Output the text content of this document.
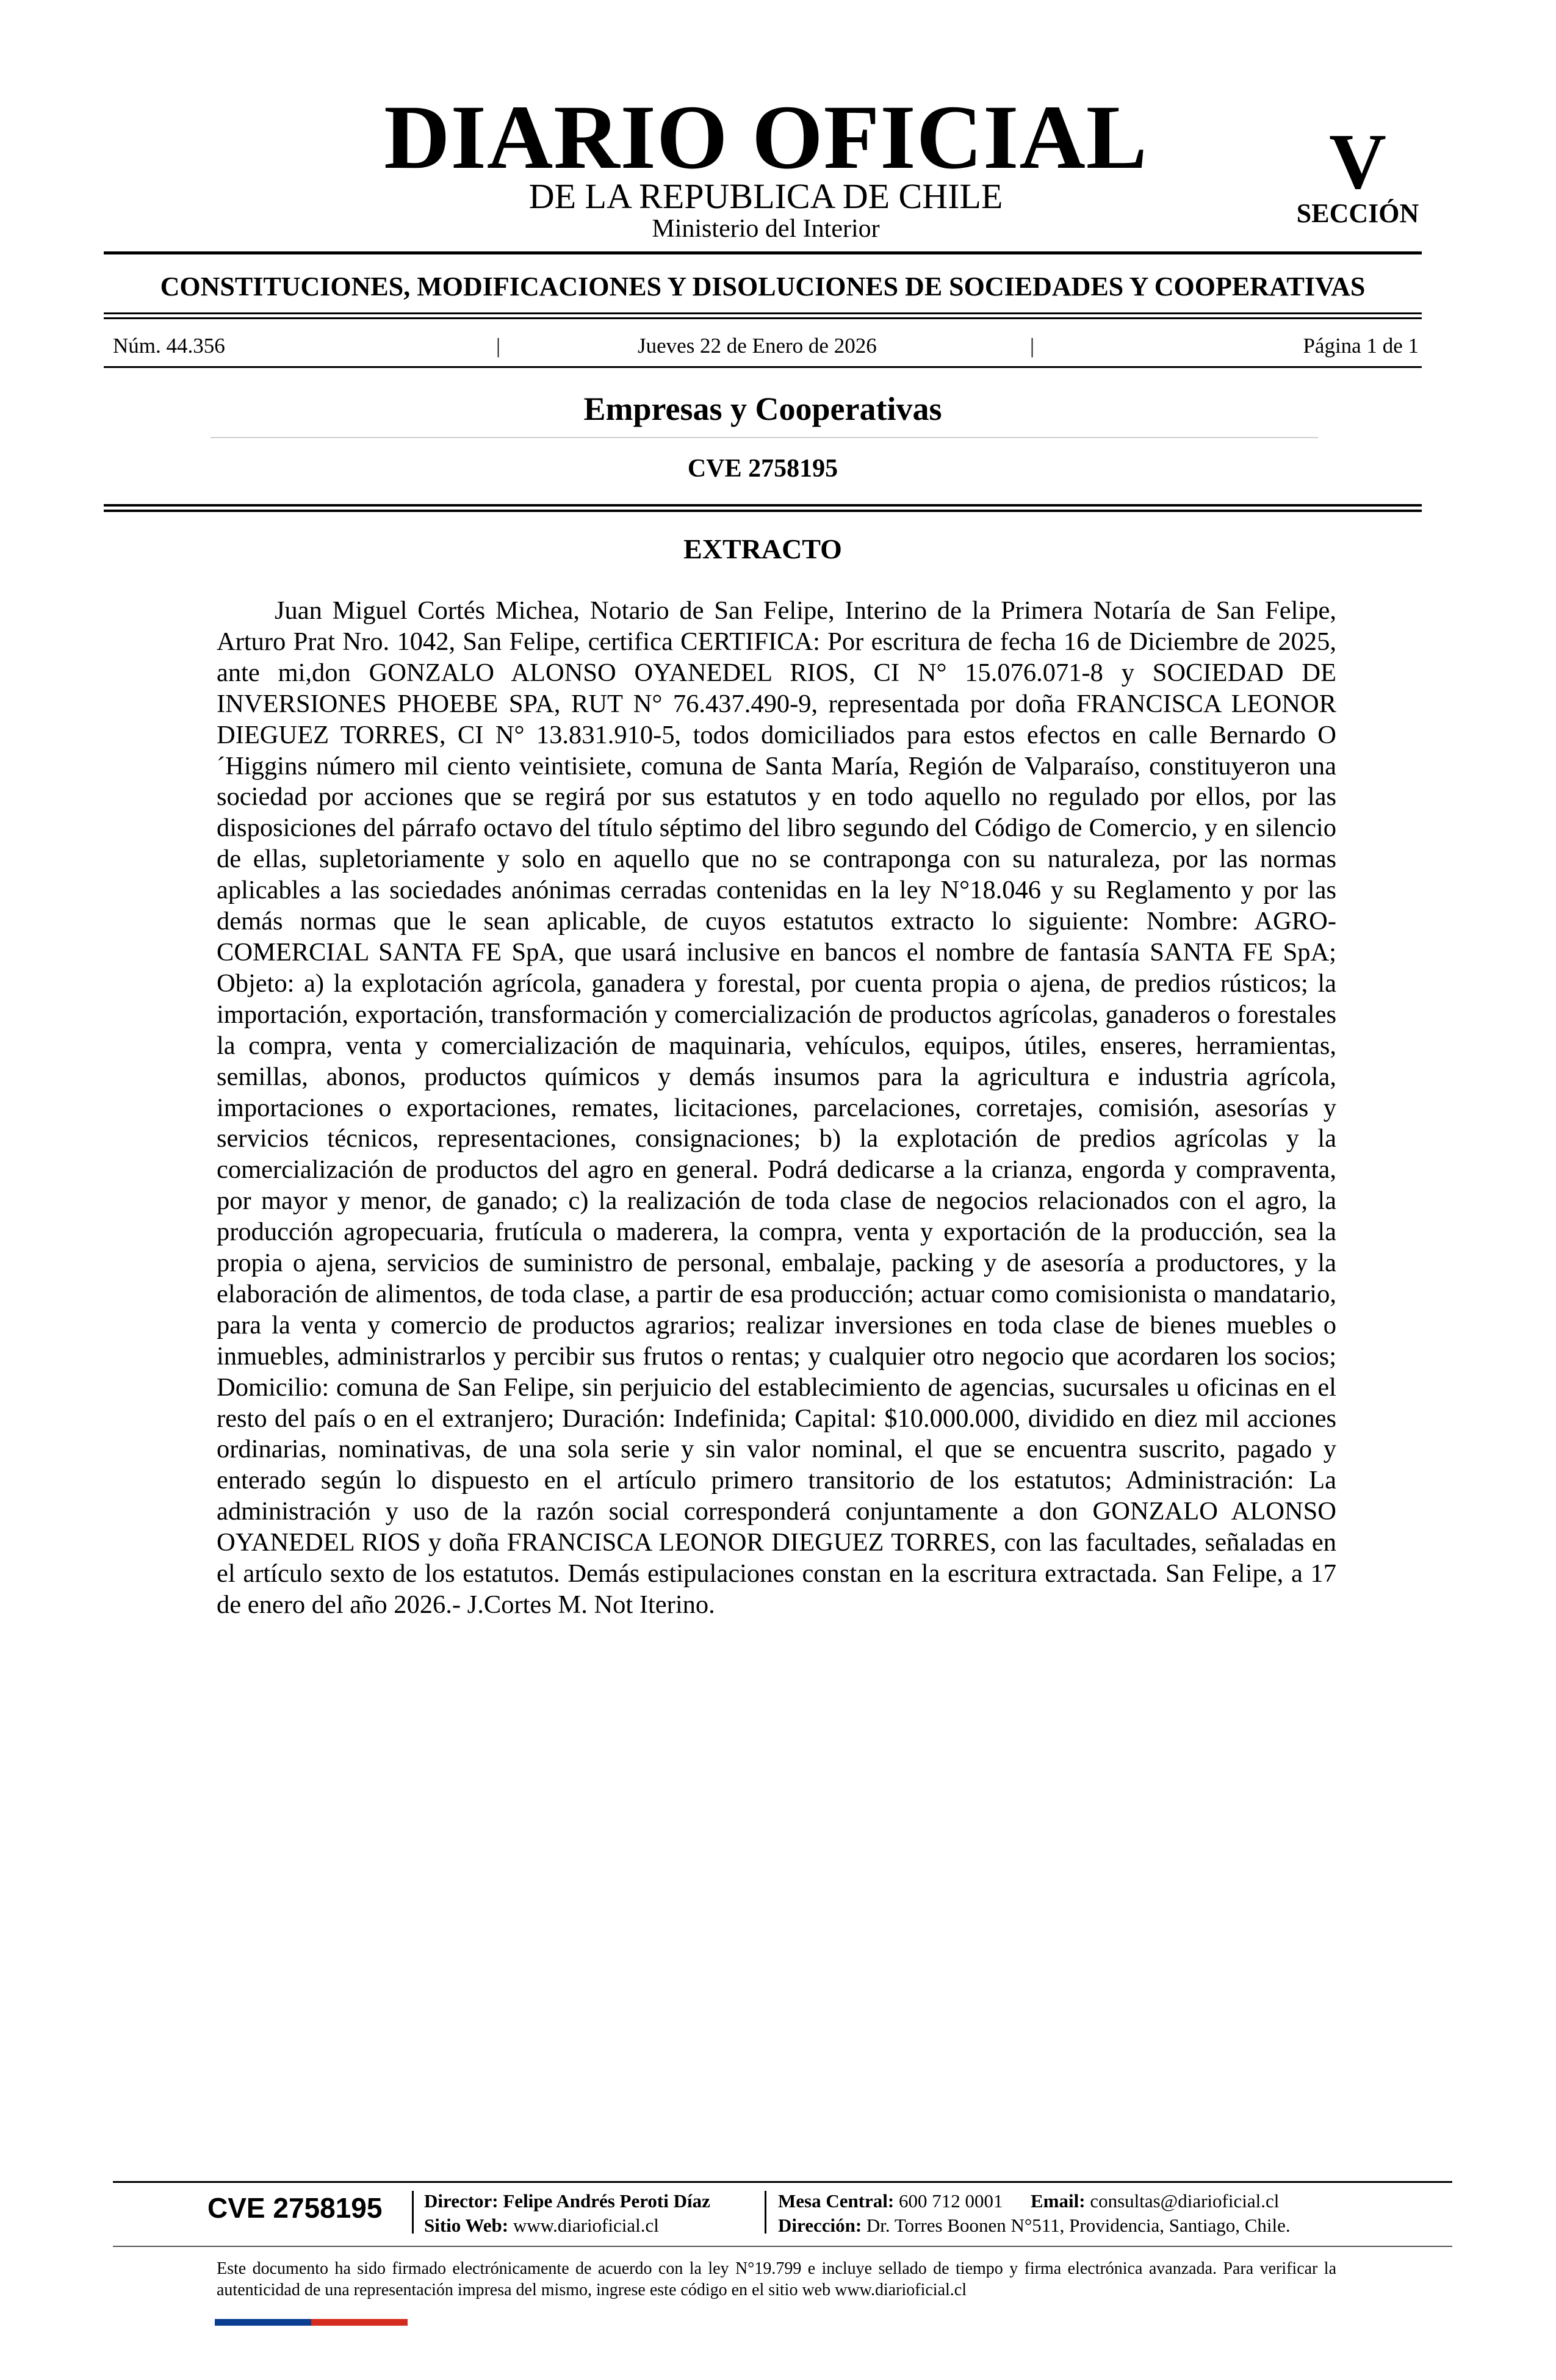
DIARIO OFICIAL
DE LA REPUBLICA DE CHILE
Ministerio del Interior
V
SECCIÓN
CONSTITUCIONES, MODIFICACIONES Y DISOLUCIONES DE SOCIEDADES Y COOPERATIVAS
Núm. 44.356	|	Jueves 22 de Enero de 2026	|	Página 1 de 1
Empresas y Cooperativas
CVE 2758195
EXTRACTO
Juan Miguel Cortés Michea, Notario de San Felipe, Interino de la Primera Notaría de San Felipe, Arturo Prat Nro. 1042, San Felipe, certifica CERTIFICA: Por escritura de fecha 16 de Diciembre de 2025, ante mi,don GONZALO ALONSO OYANEDEL RIOS, CI N° 15.076.071-8 y SOCIEDAD DE INVERSIONES PHOEBE SPA, RUT N° 76.437.490-9, representada por doña FRANCISCA LEONOR DIEGUEZ TORRES, CI N° 13.831.910-5, todos domiciliados para estos efectos en calle Bernardo O´Higgins número mil ciento veintisiete, comuna de Santa María, Región de Valparaíso, constituyeron una sociedad por acciones que se regirá por sus estatutos y en todo aquello no regulado por ellos, por las disposiciones del párrafo octavo del título séptimo del libro segundo del Código de Comercio, y en silencio de ellas, supletoriamente y solo en aquello que no se contraponga con su naturaleza, por las normas aplicables a las sociedades anónimas cerradas contenidas en la ley N°18.046 y su Reglamento y por las demás normas que le sean aplicable, de cuyos estatutos extracto lo siguiente: Nombre: AGRO-COMERCIAL SANTA FE SpA, que usará inclusive en bancos el nombre de fantasía SANTA FE SpA; Objeto: a) la explotación agrícola, ganadera y forestal, por cuenta propia o ajena, de predios rústicos; la importación, exportación, transformación y comercialización de productos agrícolas, ganaderos o forestales la compra, venta y comercialización de maquinaria, vehículos, equipos, útiles, enseres, herramientas, semillas, abonos, productos químicos y demás insumos para la agricultura e industria agrícola, importaciones o exportaciones, remates, licitaciones, parcelaciones, corretajes, comisión, asesorías y servicios técnicos, representaciones, consignaciones; b) la explotación de predios agrícolas y la comercialización de productos del agro en general. Podrá dedicarse a la crianza, engorda y compraventa, por mayor y menor, de ganado; c) la realización de toda clase de negocios relacionados con el agro, la producción agropecuaria, frutícula o maderera, la compra, venta y exportación de la producción, sea la propia o ajena, servicios de suministro de personal, embalaje, packing y de asesoría a productores, y la elaboración de alimentos, de toda clase, a partir de esa producción; actuar como comisionista o mandatario, para la venta y comercio de productos agrarios; realizar inversiones en toda clase de bienes muebles o inmuebles, administrarlos y percibir sus frutos o rentas; y cualquier otro negocio que acordaren los socios; Domicilio: comuna de San Felipe, sin perjuicio del establecimiento de agencias, sucursales u oficinas en el resto del país o en el extranjero; Duración: Indefinida; Capital: $10.000.000, dividido en diez mil acciones ordinarias, nominativas, de una sola serie y sin valor nominal, el que se encuentra suscrito, pagado y enterado según lo dispuesto en el artículo primero transitorio de los estatutos; Administración: La administración y uso de la razón social corresponderá conjuntamente a don GONZALO ALONSO OYANEDEL RIOS y doña FRANCISCA LEONOR DIEGUEZ TORRES, con las facultades, señaladas en el artículo sexto de los estatutos. Demás estipulaciones constan en la escritura extractada. San Felipe, a 17 de enero del año 2026.- J.Cortes M. Not Iterino.
CVE 2758195	Director: Felipe Andrés Peroti Díaz
Sitio Web: www.diarioficial.cl
Mesa Central: 600 712 0001 Email: consultas@diarioficial.cl
Dirección: Dr. Torres Boonen N°511, Providencia, Santiago, Chile.
Este documento ha sido firmado electrónicamente de acuerdo con la ley N°19.799 e incluye sellado de tiempo y firma electrónica avanzada. Para verificar la autenticidad de una representación impresa del mismo, ingrese este código en el sitio web www.diarioficial.cl
